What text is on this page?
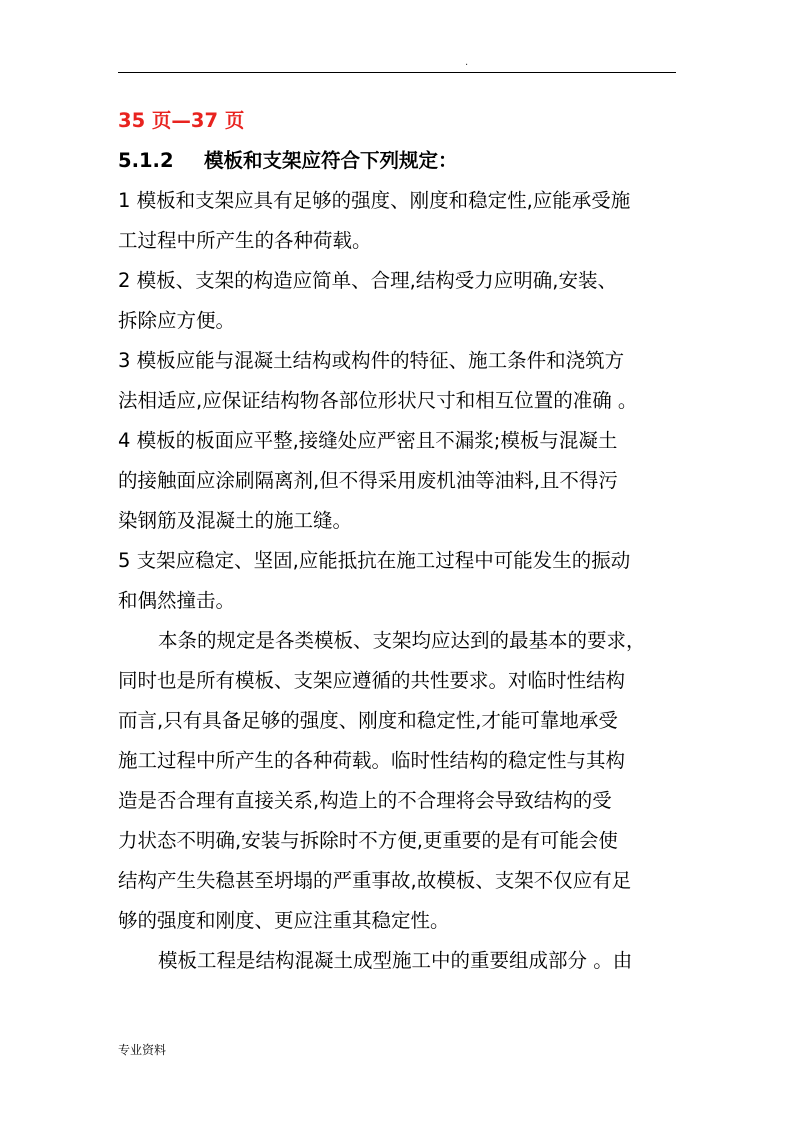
.
35 页—37 页
5.1.2 模板和支架应符合下列规定：
1 模板和支架应具有足够的强度、刚度和稳定性,应能承受施
工过程中所产生的各种荷载。
2 模板、支架的构造应简单、合理,结构受力应明确,安装、
拆除应方便。
3 模板应能与混凝土结构或构件的特征、施工条件和浇筑方
法相适应,应保证结构物各部位形状尺寸和相互位置的准确 。
4 模板的板面应平整,接缝处应严密且不漏浆;模板与混凝土
的接触面应涂刷隔离剂,但不得采用废机油等油料,且不得污
染钢筋及混凝土的施工缝。
5 支架应稳定、坚固,应能抵抗在施工过程中可能发生的振动
和偶然撞击。
本条的规定是各类模板、支架均应达到的最基本的要求，
同时也是所有模板、支架应遵循的共性要求。对临时性结构
而言,只有具备足够的强度、刚度和稳定性,才能可靠地承受
施工过程中所产生的各种荷载。临时性结构的稳定性与其构
造是否合理有直接关系,构造上的不合理将会导致结构的受
力状态不明确,安装与拆除时不方便,更重要的是有可能会使
结构产生失稳甚至坍塌的严重事故,故模板、支架不仅应有足
够的强度和刚度、更应注重其稳定性。
模板工程是结构混凝土成型施工中的重要组成部分 。由
专业资料
